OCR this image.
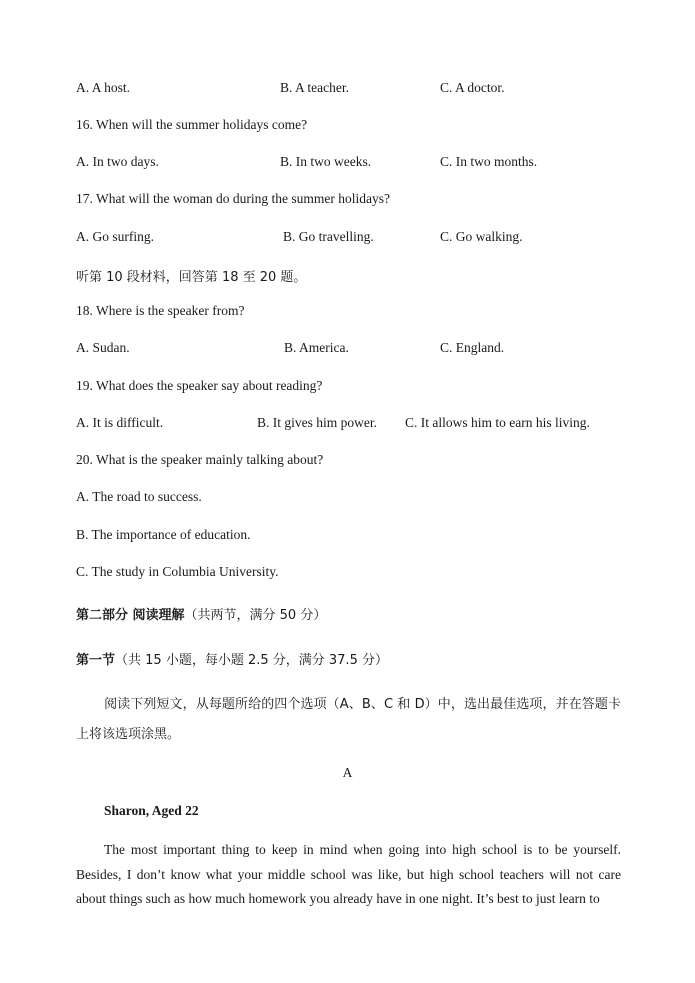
A. A host.	B. A teacher.	C. A doctor.
16. When will the summer holidays come?
A. In two days.	B. In two weeks.	C. In two months.
17. What will the woman do during the summer holidays?
A. Go surfing.	B. Go travelling.	C. Go walking.
听第 10 段材料，回答第 18 至 20 题。
18. Where is the speaker from?
A. Sudan.	B. America.	C. England.
19. What does the speaker say about reading?
A. It is difficult.	B. It gives him power. C. It allows him to earn his living.
20. What is the speaker mainly talking about?
A. The road to success.
B. The importance of education.
C. The study in Columbia University.
第二部分 阅读理解（共两节，满分 50 分）
第一节（共 15 小题，每小题 2.5 分，满分 37.5 分）
阅读下列短文，从每题所给的四个选项（A、B、C 和 D）中，选出最佳选项，并在答题卡上将该选项涂黑。
A
Sharon, Aged 22
The most important thing to keep in mind when going into high school is to be yourself. Besides, I don’t know what your middle school was like, but high school teachers will not care about things such as how much homework you already have in one night. It’s best to just learn to
